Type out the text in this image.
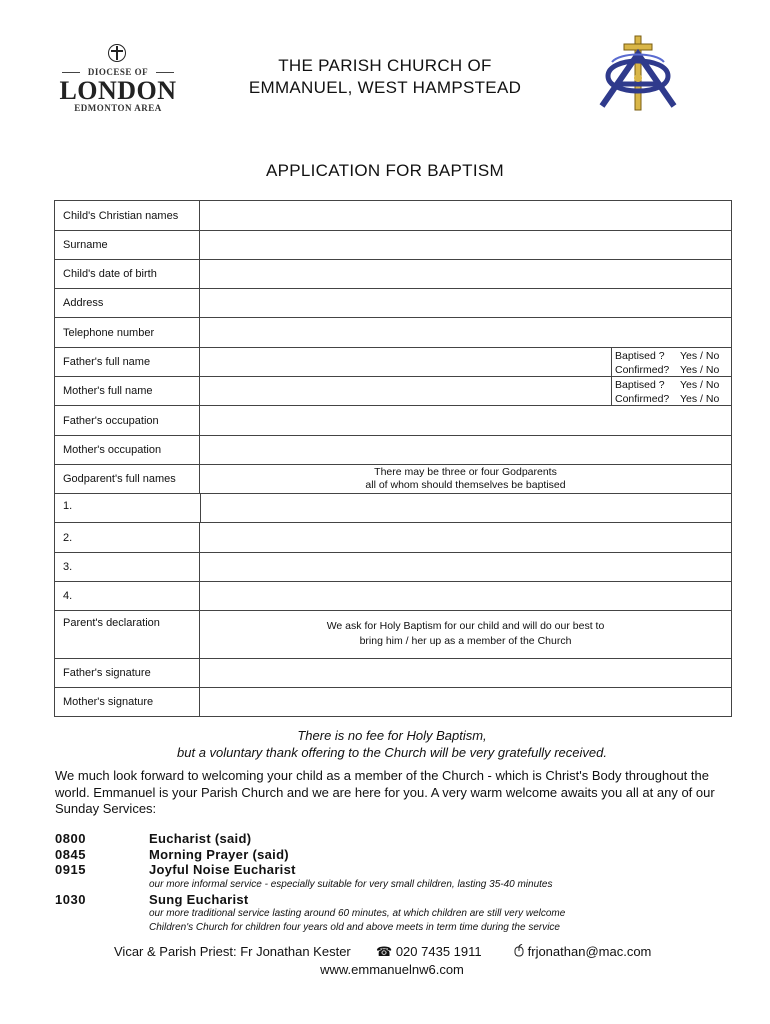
DIOCESE OF
LONDON
EDMONTON AREA
THE PARISH CHURCH OF
EMMANUEL, WEST HAMPSTEAD
APPLICATION FOR BAPTISM
Child's Christian names
Surname
Child's date of birth
Address
Telephone number
Father's full name	Baptised ?	Yes / No
Confirmed?	Yes / No
Mother's full name	Baptised ?	Yes / No
Confirmed?	Yes / No
Father's occupation
Mother's occupation
Godparent's full names
There may be three or four Godparents
all of whom should themselves be baptised
1.
2.
3.
4.
Parent's declaration	We ask for Holy Baptism for our child and will do our best to
bring him / her up as a member of the Church
Father's signature
Mother's signature
There is no fee for Holy Baptism,
but a voluntary thank offering to the Church will be very gratefully received.
We much look forward to welcoming your child as a member of the Church - which is Christ's Body throughout the world. Emmanuel is your Parish Church and we are here for you. A very warm welcome awaits you all at any of our Sunday Services:
0800	Eucharist (said)
0845	Morning Prayer (said)
0915	Joyful Noise Eucharist
our more informal service - especially suitable for very small children, lasting 35-40 minutes
1030	Sung Eucharist
our more traditional service lasting around 60 minutes, at which children are still very welcome
Children's Church for children four years old and above meets in term time during the service
Vicar & Parish Priest: Fr Jonathan Kester ☎ 020 7435 1911	frjonathan@mac.com
www.emmanuelnw6.com
